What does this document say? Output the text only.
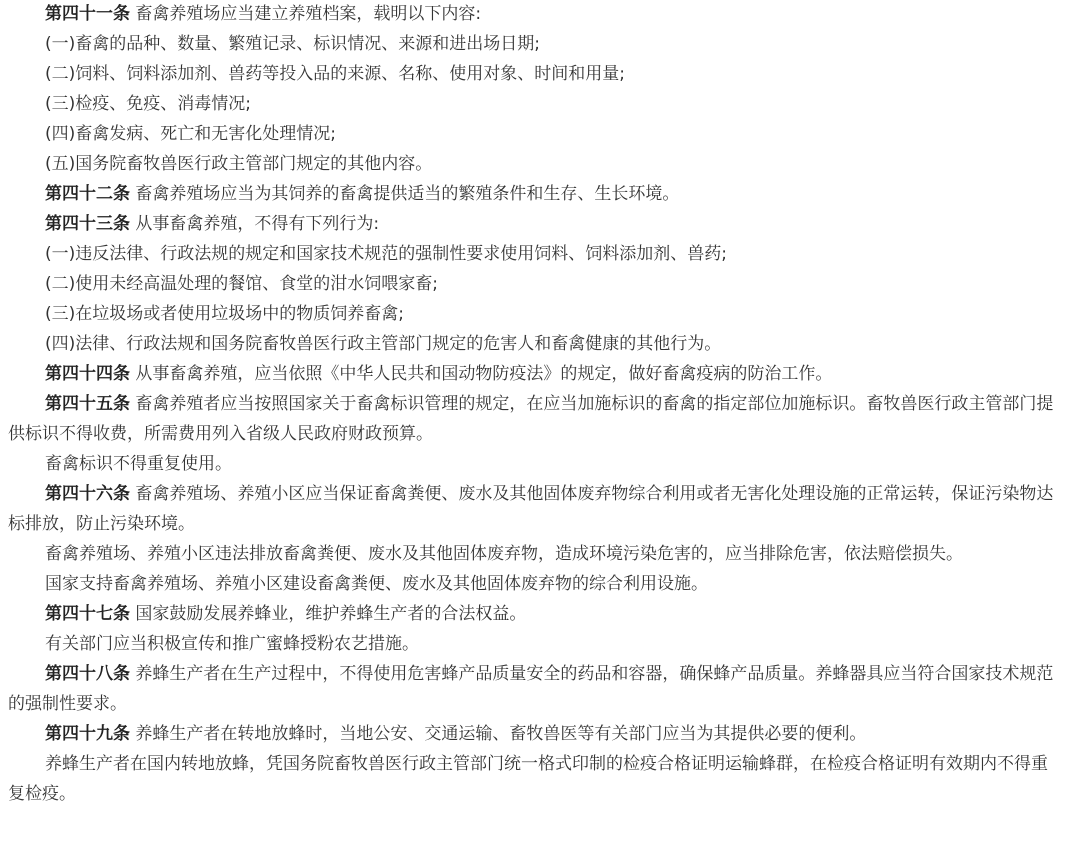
第四十一条 畜禽养殖场应当建立养殖档案，载明以下内容:

(一)畜禽的品种、数量、繁殖记录、标识情况、来源和进出场日期;

(二)饲料、饲料添加剂、兽药等投入品的来源、名称、使用对象、时间和用量;

(三)检疫、免疫、消毒情况;

(四)畜禽发病、死亡和无害化处理情况;

(五)国务院畜牧兽医行政主管部门规定的其他内容。

第四十二条 畜禽养殖场应当为其饲养的畜禽提供适当的繁殖条件和生存、生长环境。

第四十三条 从事畜禽养殖，不得有下列行为:

(一)违反法律、行政法规的规定和国家技术规范的强制性要求使用饲料、饲料添加剂、兽药;

(二)使用未经高温处理的餐馆、食堂的泔水饲喂家畜;

(三)在垃圾场或者使用垃圾场中的物质饲养畜禽;

(四)法律、行政法规和国务院畜牧兽医行政主管部门规定的危害人和畜禽健康的其他行为。

第四十四条 从事畜禽养殖，应当依照《中华人民共和国动物防疫法》的规定，做好畜禽疫病的防治工作。

第四十五条 畜禽养殖者应当按照国家关于畜禽标识管理的规定，在应当加施标识的畜禽的指定部位加施标识。畜牧兽医行政主管部门提供标识不得收费，所需费用列入省级人民政府财政预算。

畜禽标识不得重复使用。

第四十六条 畜禽养殖场、养殖小区应当保证畜禽粪便、废水及其他固体废弃物综合利用或者无害化处理设施的正常运转，保证污染物达标排放，防止污染环境。

畜禽养殖场、养殖小区违法排放畜禽粪便、废水及其他固体废弃物，造成环境污染危害的，应当排除危害，依法赔偿损失。

国家支持畜禽养殖场、养殖小区建设畜禽粪便、废水及其他固体废弃物的综合利用设施。

第四十七条 国家鼓励发展养蜂业，维护养蜂生产者的合法权益。

有关部门应当积极宣传和推广蜜蜂授粉农艺措施。

第四十八条 养蜂生产者在生产过程中，不得使用危害蜂产品质量安全的药品和容器，确保蜂产品质量。养蜂器具应当符合国家技术规范的强制性要求。

第四十九条 养蜂生产者在转地放蜂时，当地公安、交通运输、畜牧兽医等有关部门应当为其提供必要的便利。

养蜂生产者在国内转地放蜂，凭国务院畜牧兽医行政主管部门统一格式印制的检疫合格证明运输蜂群，在检疫合格证明有效期内不得重复检疫。
